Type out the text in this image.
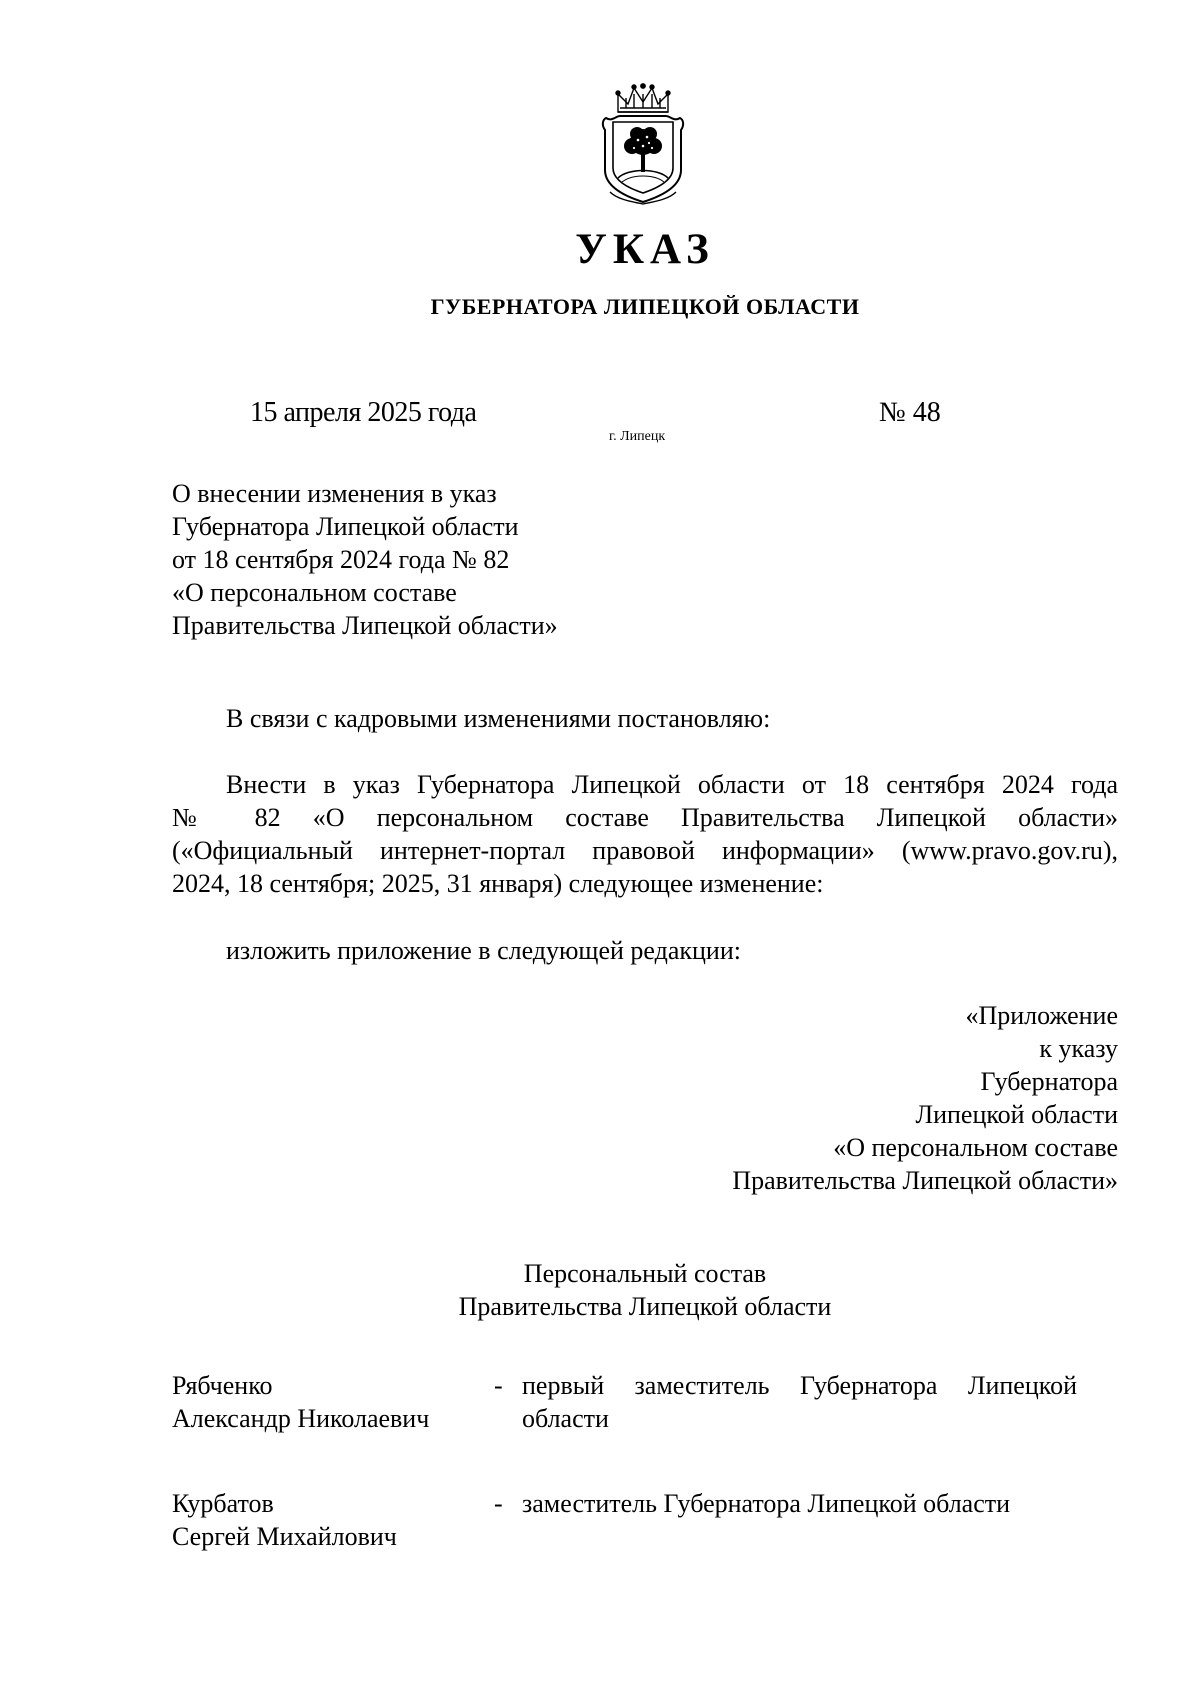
УКАЗ
ГУБЕРНАТОРА ЛИПЕЦКОЙ ОБЛАСТИ
15 апреля 2025 года
г. Липецк
№ 48
О внесении изменения в указ
Губернатора Липецкой области
от 18 сентября 2024 года № 82
«О персональном составе
Правительства Липецкой области»
В связи с кадровыми изменениями постановляю:
Внести в указ Губернатора Липецкой области от 18 сентября 2024 года
№ 82 «О персональном составе Правительства Липецкой области»
(«Официальный интернет-портал правовой информации» (www.pravo.gov.ru),
2024, 18 сентября; 2025, 31 января) следующее изменение:
изложить приложение в следующей редакции:
«Приложение
к указу
Губернатора
Липецкой области
«О персональном составе
Правительства Липецкой области»
Персональный состав
Правительства Липецкой области
Рябченко
Александр Николаевич
- первый заместитель Губернатора Липецкой
области
Курбатов
Сергей Михайлович
- заместитель Губернатора Липецкой области
